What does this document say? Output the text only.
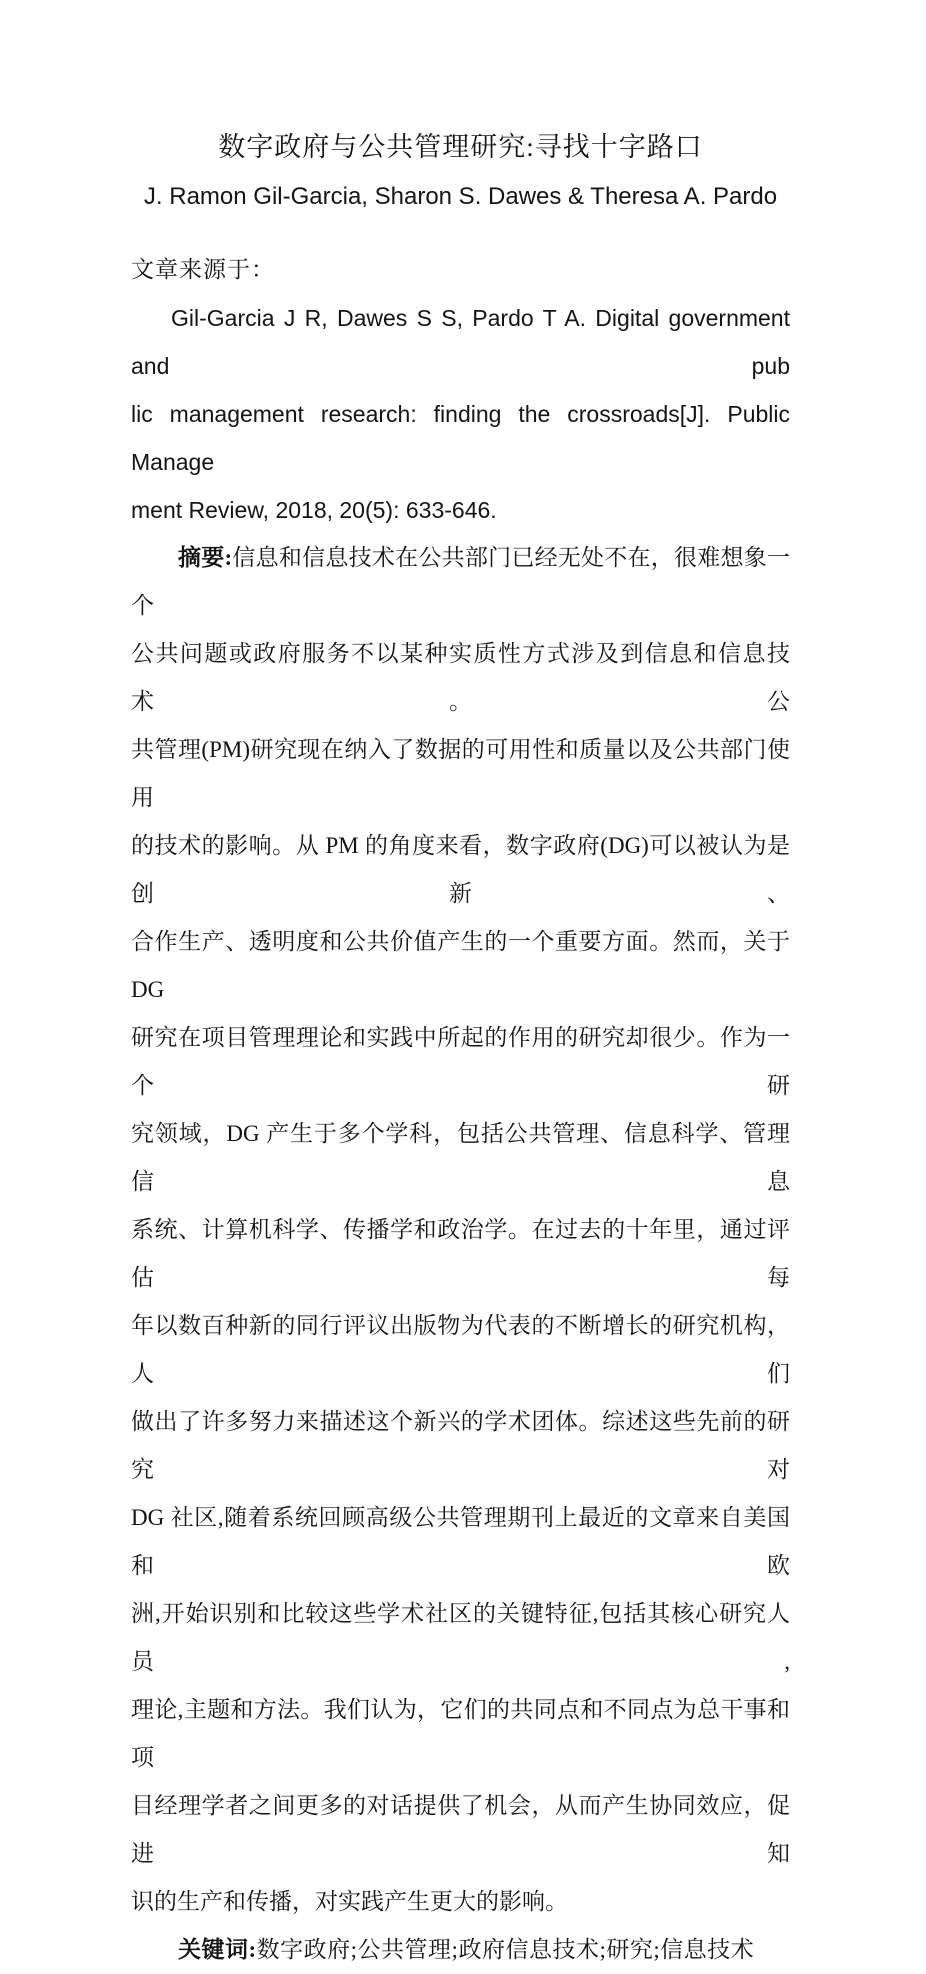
数字政府与公共管理研究:寻找十字路口
J. Ramon Gil-Garcia, Sharon S. Dawes & Theresa A. Pardo
文章来源于：
Gil-Garcia J R, Dawes S S, Pardo T A. Digital government and pub
lic management research: finding the crossroads[J]. Public Manage
ment Review, 2018, 20(5): 633-646.
摘要:信息和信息技术在公共部门已经无处不在，很难想象一个
公共问题或政府服务不以某种实质性方式涉及到信息和信息技术。公
共管理(PM)研究现在纳入了数据的可用性和质量以及公共部门使用
的技术的影响。从 PM 的角度来看，数字政府(DG)可以被认为是创新、
合作生产、透明度和公共价值产生的一个重要方面。然而，关于 DG
研究在项目管理理论和实践中所起的作用的研究却很少。作为一个研
究领域，DG 产生于多个学科，包括公共管理、信息科学、管理信息
系统、计算机科学、传播学和政治学。在过去的十年里，通过评估每
年以数百种新的同行评议出版物为代表的不断增长的研究机构，人们
做出了许多努力来描述这个新兴的学术团体。综述这些先前的研究对
DG 社区,随着系统回顾高级公共管理期刊上最近的文章来自美国和欧
洲,开始识别和比较这些学术社区的关键特征,包括其核心研究人员,
理论,主题和方法。我们认为，它们的共同点和不同点为总干事和项
目经理学者之间更多的对话提供了机会，从而产生协同效应，促进知
识的生产和传播，对实践产生更大的影响。
关键词:数字政府;公共管理;政府信息技术;研究;信息技术
